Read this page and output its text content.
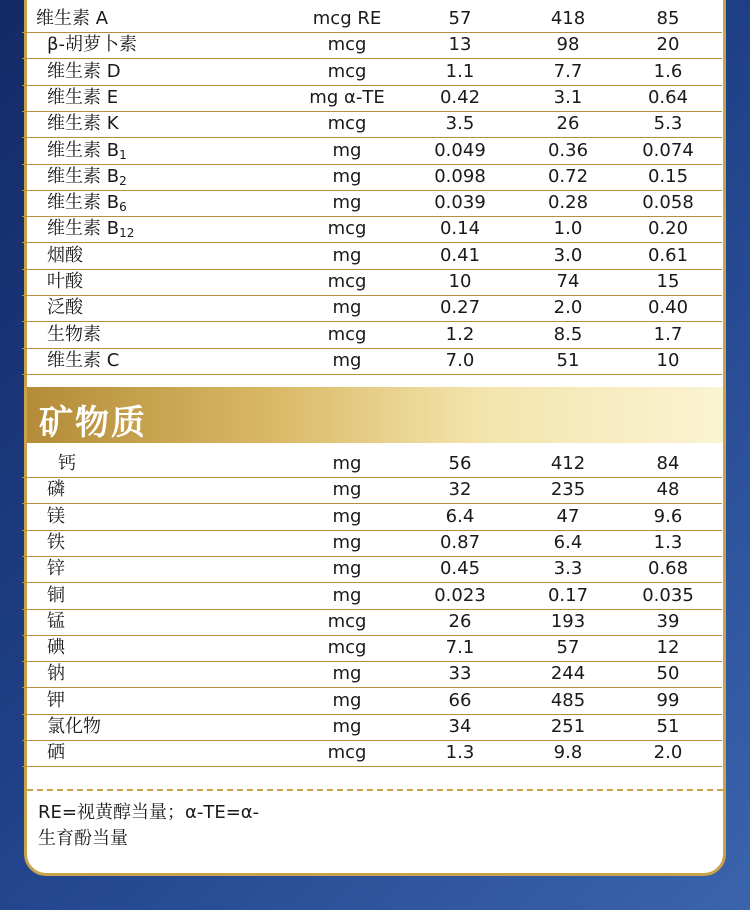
维生素 A	mcg RE	57	418	85
β-胡萝卜素	mcg	13	98	20
维生素 D	mcg	1.1	7.7	1.6
维生素 E	mg α-TE	0.42	3.1	0.64
维生素 K	mcg	3.5	26	5.3
维生素 $B_1$	mg	0.049	0.36	0.074
维生素 $B_2$	mg	0.098	0.72	0.15
维生素 $B_6$	mg	0.039	0.28	0.058
维生素 $B_{12}$	mcg	0.14	1.0	0.20
烟酸	mg	0.41	3.0	0.61
叶酸	mcg	10	74	15
泛酸	mg	0.27	2.0	0.40
生物素	mcg	1.2	8.5	1.7
维生素 C	mg	7.0	51	10
矿物质
钙	mg	56	412	84
磷	mg	32	235	48
镁	mg	6.4	47	9.6
铁	mg	0.87	6.4	1.3
锌	mg	0.45	3.3	0.68
铜	mg	0.023	0.17	0.035
锰	mcg	26	193	39
碘	mcg	7.1	57	12
钠	mg	33	244	50
钾	mg	66	485	99
氯化物	mg	34	251	51
硒	mcg	1.3	9.8	2.0
RE=视黄醇当量；α-TE=α-
生育酚当量
